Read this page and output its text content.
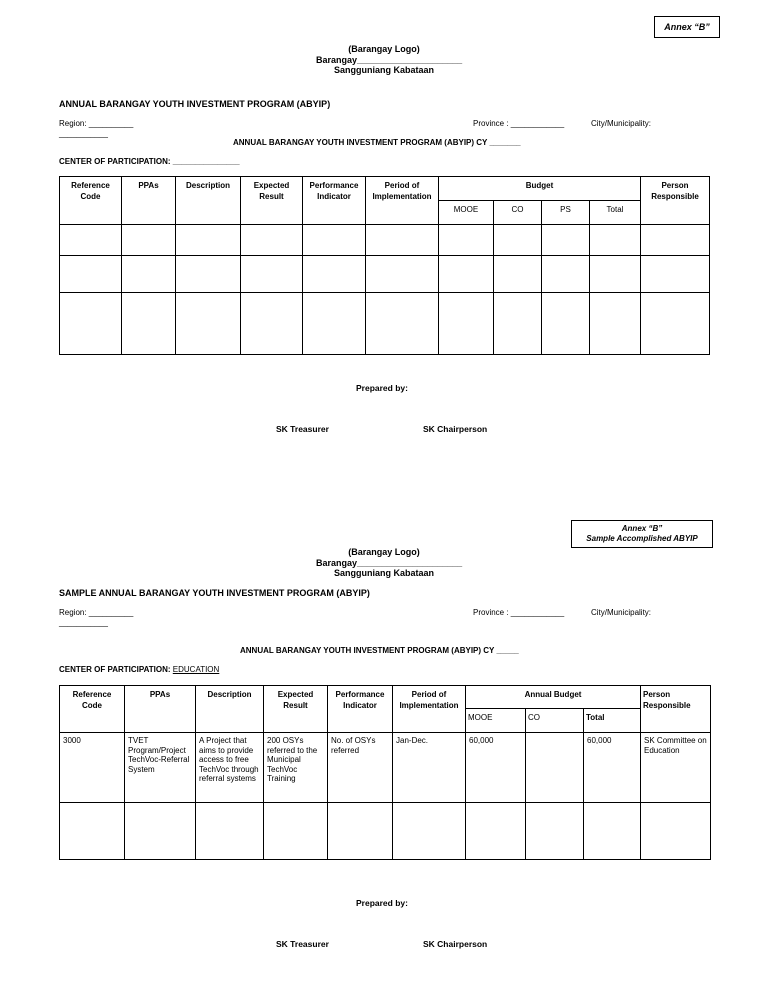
Annex “B”
(Barangay Logo)
Barangay_____________________
Sangguniang Kabataan
ANNUAL BARANGAY YOUTH INVESTMENT PROGRAM (ABYIP)
Region: __________
___________
Province : ____________	City/Municipality:
ANNUAL BARANGAY YOUTH INVESTMENT PROGRAM (ABYIP) CY _______
CENTER OF PARTICIPATION: _______________
Reference Code	PPAs	Description	Expected Result	Performance Indicator	Period of Implementation	Budget				Person Responsible
						MOOE	CO	PS	Total	

Prepared by:
SK Treasurer	SK Chairperson
Annex “B”
Sample Accomplished ABYIP
(Barangay Logo)
Barangay_____________________
Sangguniang Kabataan
SAMPLE ANNUAL BARANGAY YOUTH INVESTMENT PROGRAM (ABYIP)
Region: __________
___________
Province : ____________	City/Municipality:
ANNUAL BARANGAY YOUTH INVESTMENT PROGRAM (ABYIP) CY _____
CENTER OF PARTICIPATION: EDUCATION
Reference Code	PPAs	Description	Expected Result	Performance Indicator	Period of Implementation	Annual Budget			Person Responsible
						MOOE	CO	Total	
3000	TVET Program/Project TechVoc-Referral System	A Project that aims to provide access to free TechVoc through referral systems	200 OSYs referred to the Municipal TechVoc Training	No. of OSYs referred	Jan-Dec.	60,000		60,000	SK Committee on Education

Prepared by:
SK Treasurer	SK Chairperson
